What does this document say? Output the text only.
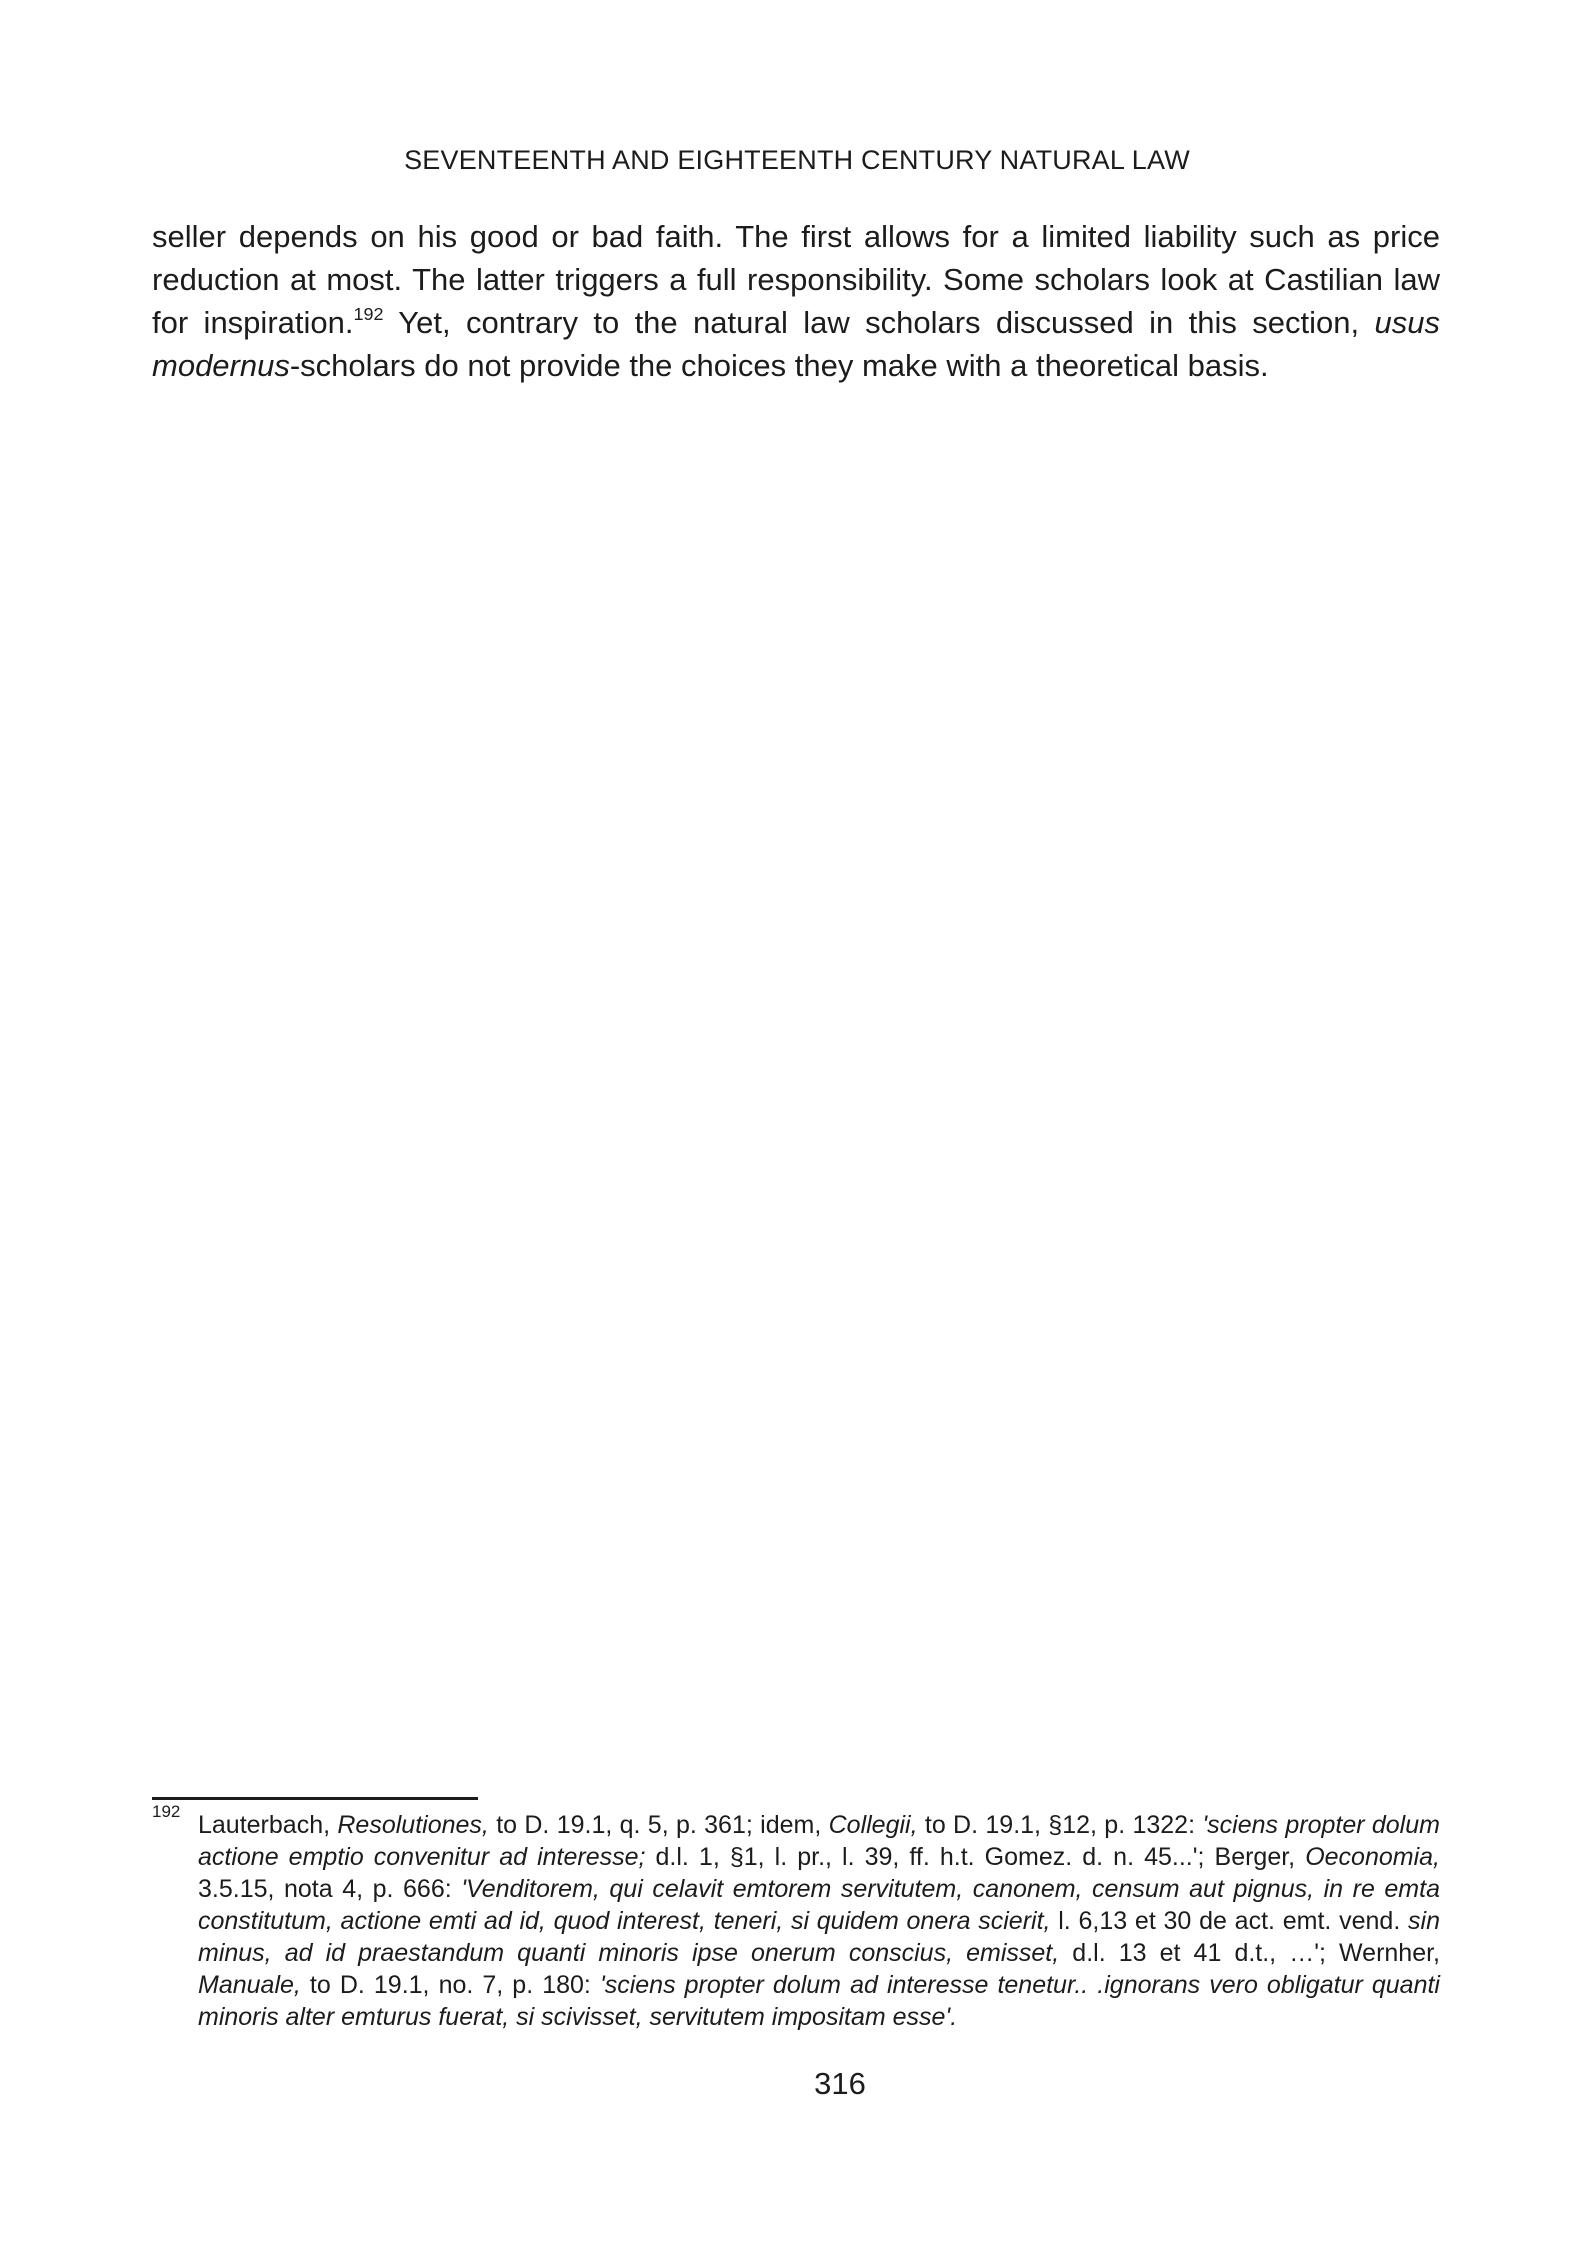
SEVENTEENTH AND EIGHTEENTH CENTURY NATURAL LAW

seller depends on his good or bad faith. The first allows for a limited liability such as price reduction at most. The latter triggers a full responsibility. Some scholars look at Castilian law for inspiration.$^{192}$ Yet, contrary to the natural law scholars discussed in this section, usus modernus-scholars do not provide the choices they make with a theoretical basis.

$^{192}$ Lauterbach, Resolutiones, to D. 19.1, q. 5, p. 361; idem, Collegii, to D. 19.1, §12, p. 1322: 'sciens propter dolum actione emptio convenitur ad interesse; d.l. 1, §1, l. pr., l. 39, ff. h.t. Gomez. d. n. 45...'; Berger, Oeconomia, 3.5.15, nota 4, p. 666: 'Venditorem, qui celavit emtorem servitutem, canonem, censum aut pignus, in re emta constitutum, actione emti ad id, quod interest, teneri, si quidem onera scierit, l. 6,13 et 30 de act. emt. vend. sin minus, ad id praestandum quanti minoris ipse onerum conscius, emisset, d.l. 13 et 41 d.t., …'; Wernher, Manuale, to D. 19.1, no. 7, p. 180: 'sciens propter dolum ad interesse tenetur.. .ignorans vero obligatur quanti minoris alter emturus fuerat, si scivisset, servitutem impositam esse'.
316
